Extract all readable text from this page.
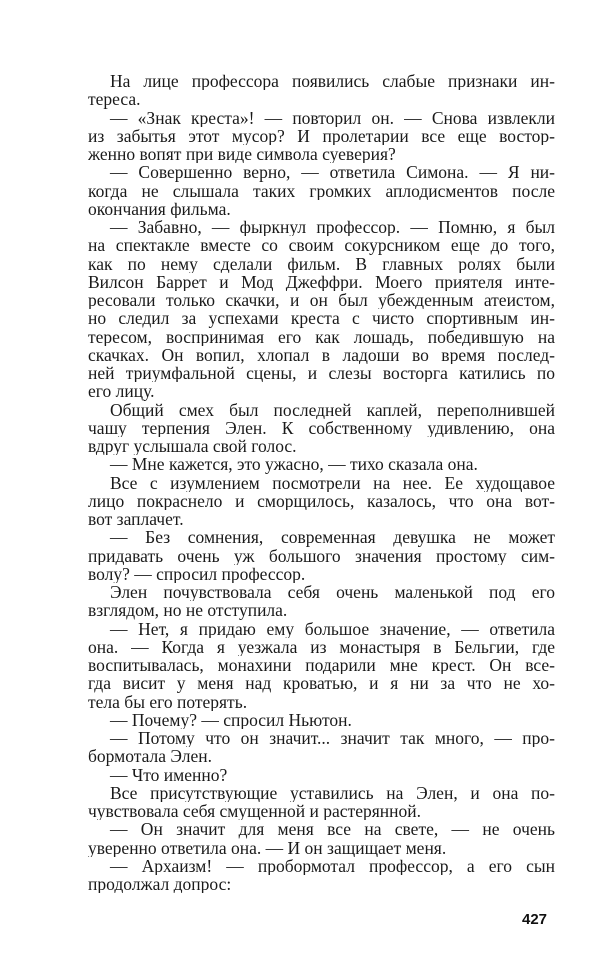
На лице профессора появились слабые признаки ин-
тереса.
— «Знак креста»! — повторил он. — Снова извлекли
из забытья этот мусор? И пролетарии все еще востор-
женно вопят при виде символа суеверия?
— Совершенно верно, — ответила Симона. — Я ни-
когда не слышала таких громких аплодисментов после
окончания фильма.
— Забавно, — фыркнул профессор. — Помню, я был
на спектакле вместе со своим сокурсником еще до того,
как по нему сделали фильм. В главных ролях были
Вилсон Баррет и Мод Джеффри. Моего приятеля инте-
ресовали только скачки, и он был убежденным атеистом,
но следил за успехами креста с чисто спортивным ин-
тересом, воспринимая его как лошадь, победившую на
скачках. Он вопил, хлопал в ладоши во время послед-
ней триумфальной сцены, и слезы восторга катились по
его лицу.
Общий смех был последней каплей, переполнившей
чашу терпения Элен. К собственному удивлению, она
вдруг услышала свой голос.
— Мне кажется, это ужасно, — тихо сказала она.
Все с изумлением посмотрели на нее. Ее худощавое
лицо покраснело и сморщилось, казалось, что она вот-
вот заплачет.
— Без сомнения, современная девушка не может
придавать очень уж большого значения простому сим-
волу? — спросил профессор.
Элен почувствовала себя очень маленькой под его
взглядом, но не отступила.
— Нет, я придаю ему большое значение, — ответила
она. — Когда я уезжала из монастыря в Бельгии, где
воспитывалась, монахини подарили мне крест. Он все-
гда висит у меня над кроватью, и я ни за что не хо-
тела бы его потерять.
— Почему? — спросил Ньютон.
— Потому что он значит... значит так много, — про-
бормотала Элен.
— Что именно?
Все присутствующие уставились на Элен, и она по-
чувствовала себя смущенной и растерянной.
— Он значит для меня все на свете, — не очень
уверенно ответила она. — И он защищает меня.
— Архаизм! — пробормотал профессор, а его сын
продолжал допрос:
427
